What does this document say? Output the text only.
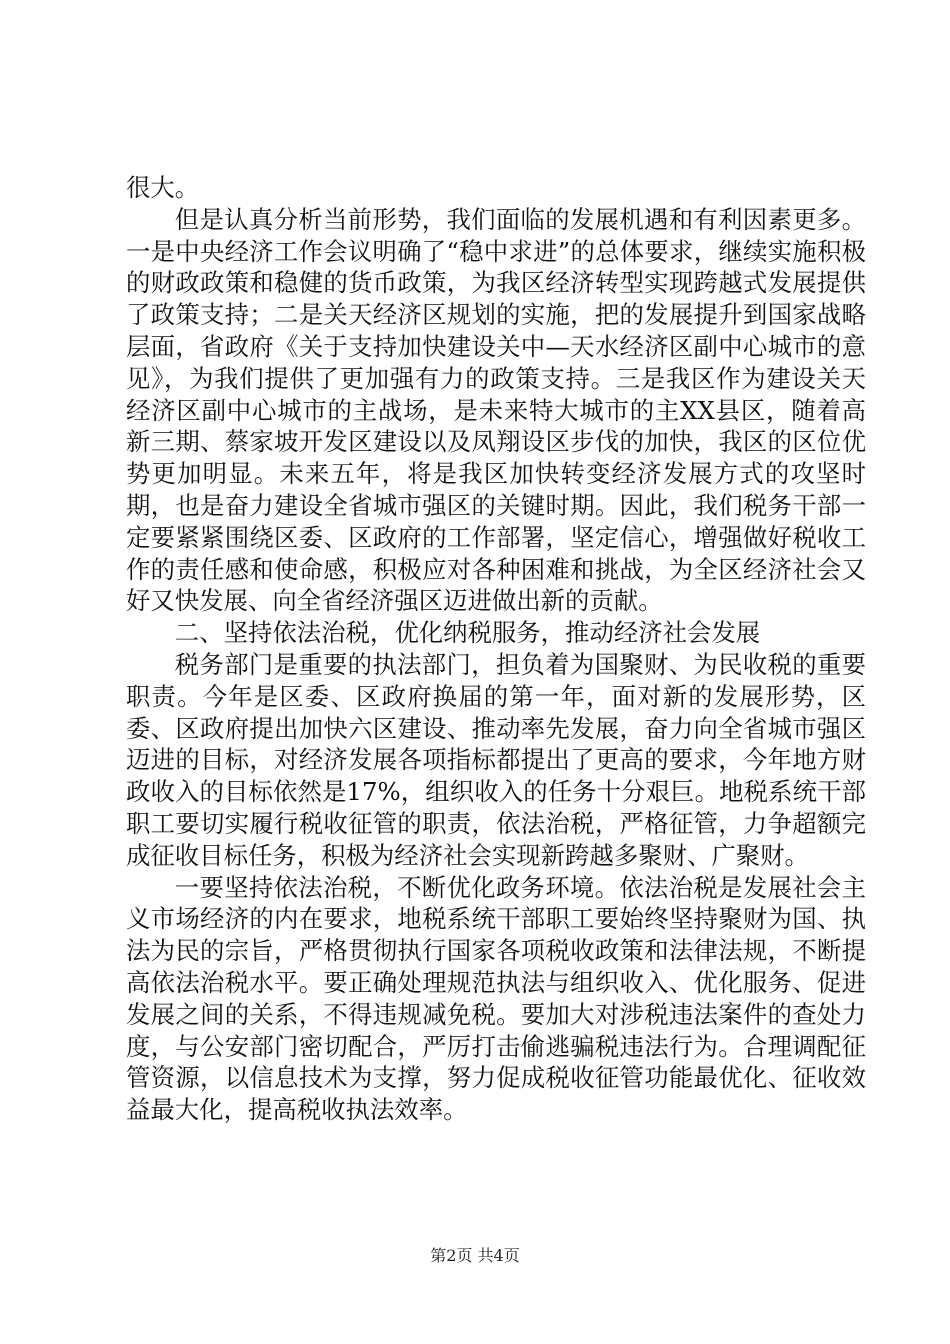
很大。

但是认真分析当前形势，我们面临的发展机遇和有利因素更多。一是中央经济工作会议明确了“稳中求进”的总体要求，继续实施积极的财政政策和稳健的货币政策，为我区经济转型实现跨越式发展提供了政策支持；二是关天经济区规划的实施，把的发展提升到国家战略层面，省政府《关于支持加快建设关中—天水经济区副中心城市的意见》，为我们提供了更加强有力的政策支持。三是我区作为建设关天经济区副中心城市的主战场，是未来特大城市的主XX县区，随着高新三期、蔡家坡开发区建设以及凤翔设区步伐的加快，我区的区位优势更加明显。未来五年，将是我区加快转变经济发展方式的攻坚时期，也是奋力建设全省城市强区的关键时期。因此，我们税务干部一定要紧紧围绕区委、区政府的工作部署，坚定信心，增强做好税收工作的责任感和使命感，积极应对各种困难和挑战，为全区经济社会又好又快发展、向全省经济强区迈进做出新的贡献。

二、坚持依法治税，优化纳税服务，推动经济社会发展

税务部门是重要的执法部门，担负着为国聚财、为民收税的重要职责。今年是区委、区政府换届的第一年，面对新的发展形势，区委、区政府提出加快六区建设、推动率先发展，奋力向全省城市强区迈进的目标，对经济发展各项指标都提出了更高的要求，今年地方财政收入的目标依然是17%，组织收入的任务十分艰巨。地税系统干部职工要切实履行税收征管的职责，依法治税，严格征管，力争超额完成征收目标任务，积极为经济社会实现新跨越多聚财、广聚财。

一要坚持依法治税，不断优化政务环境。依法治税是发展社会主义市场经济的内在要求，地税系统干部职工要始终坚持聚财为国、执法为民的宗旨，严格贯彻执行国家各项税收政策和法律法规，不断提高依法治税水平。要正确处理规范执法与组织收入、优化服务、促进发展之间的关系，不得违规减免税。要加大对涉税违法案件的查处力度，与公安部门密切配合，严厉打击偷逃骗税违法行为。合理调配征管资源，以信息技术为支撑，努力促成税收征管功能最优化、征收效益最大化，提高税收执法效率。

第2页 共4页
